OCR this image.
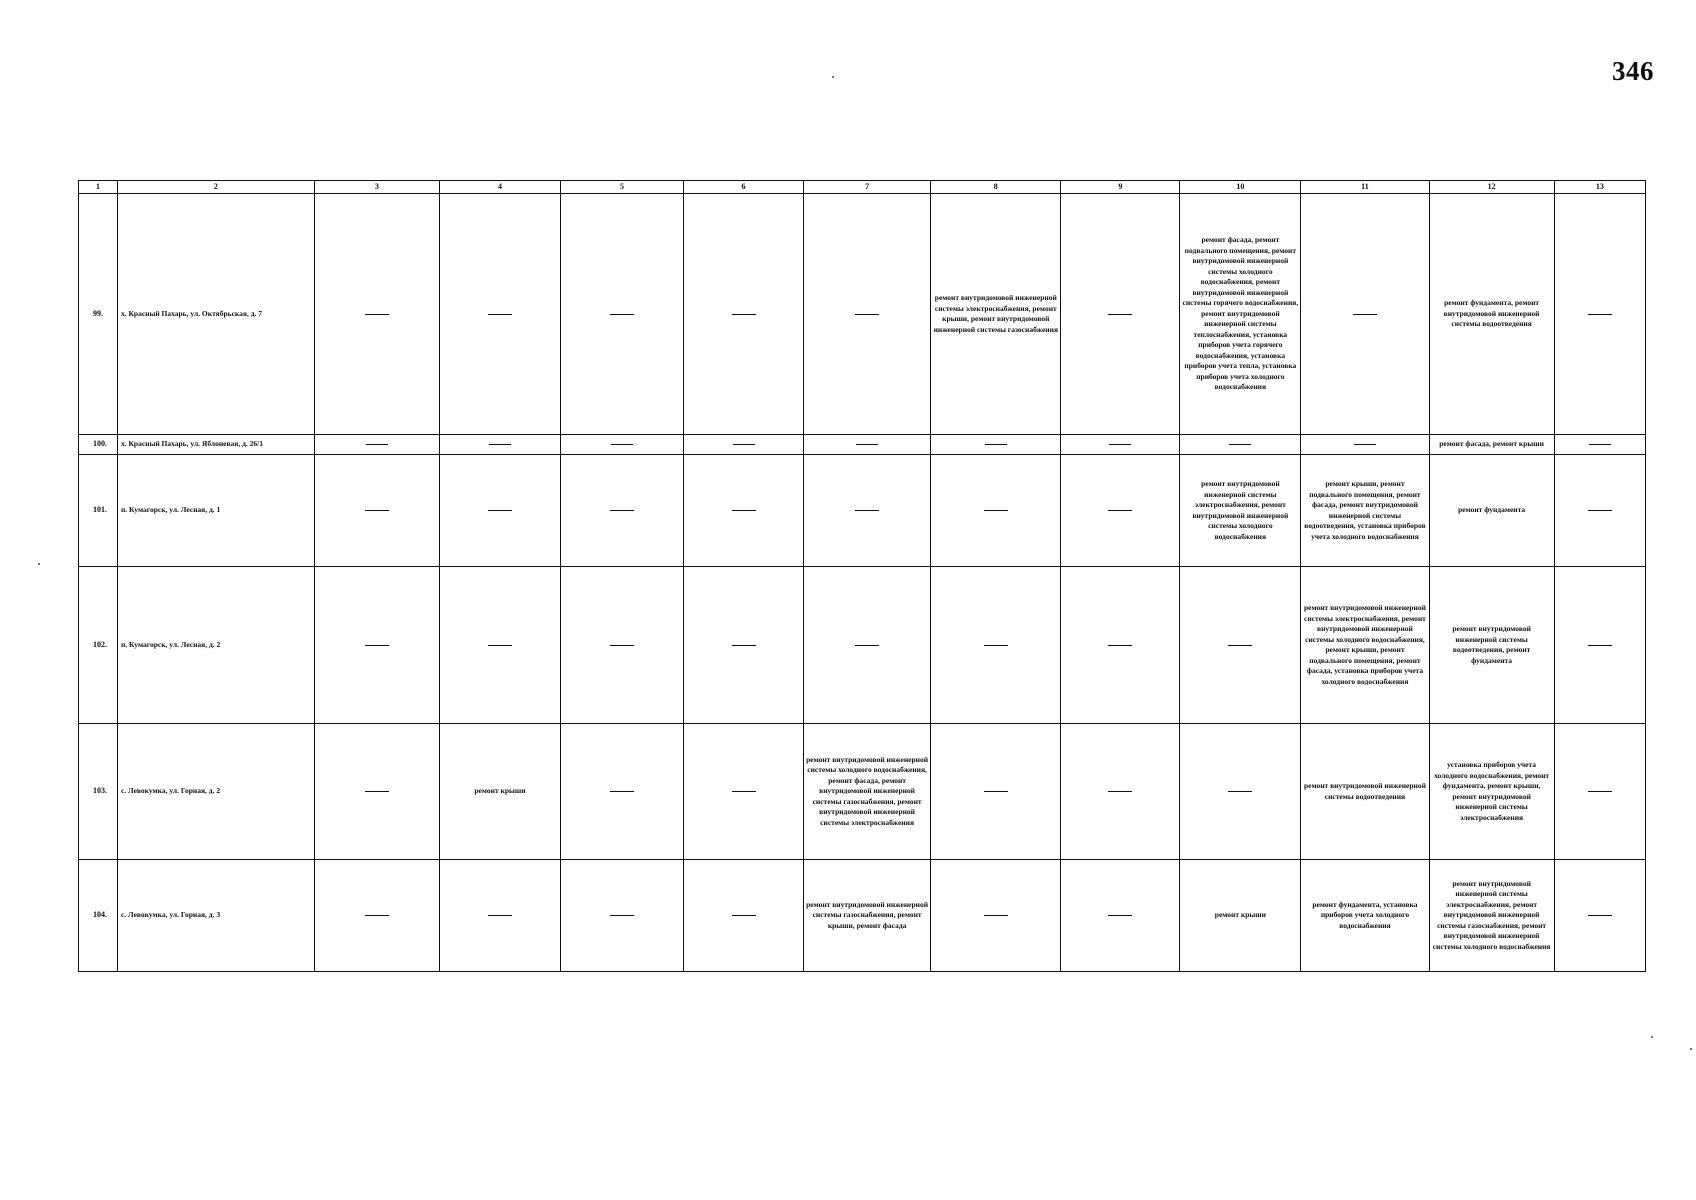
346
1	2	3	4	5	6	7	8	9	10	11	12	13
99.	х. Красный Пахарь, ул. Октябрьская, д. 7						ремонт внутридомовой инженерной системы электроснабжения, ремонт крыши, ремонт внутридомовой инженерной системы газоснабжения		ремонт фасада, ремонт подвального помещения, ремонт внутридомовой инженерной системы холодного водоснабжения, ремонт внутридомовой инженерной системы горячего водоснабжения, ремонт внутридомовой инженерной системы теплоснабжения, установка приборов учета горячего водоснабжения, установка приборов учета тепла, установка приборов учета холодного водоснабжения		ремонт фундамента, ремонт внутридомовой инженерной системы водоотведения	
100.	х. Красный Пахарь, ул. Яблоневая, д. 26/1										ремонт фасада, ремонт крыши	
101.	п. Кумагорск, ул. Лесная, д. 1								ремонт внутридомовой инженерной системы электроснабжения, ремонт внутридомовой инженерной системы холодного водоснабжения	ремонт крыши, ремонт подвального помещения, ремонт фасада, ремонт внутридомовой инженерной системы водоотведения, установка приборов учета холодного водоснабжения	ремонт фундамента	
102.	п. Кумагорск, ул. Лесная, д. 2									ремонт внутридомовой инженерной системы электроснабжения, ремонт внутридомовой инженерной системы холодного водоснабжения, ремонт крыши, ремонт подвального помещения, ремонт фасада, установка приборов учета холодного водоснабжения	ремонт внутридомовой инженерной системы водоотведения, ремонт фундамента	
103.	с. Левокумка, ул. Горная, д. 2		ремонт крыши			ремонт внутридомовой инженерной системы холодного водоснабжения, ремонт фасада, ремонт внутридомовой инженерной системы газоснабжения, ремонт внутридомовой инженерной системы электроснабжения				ремонт внутридомовой инженерной системы водоотведения	установка приборов учета холодного водоснабжения, ремонт фундамента, ремонт крыши, ремонт внутридомовой инженерной системы электроснабжения	
104.	с. Левокумка, ул. Горная, д. 3					ремонт внутридомовой инженерной системы газоснабжения, ремонт крыши, ремонт фасада			ремонт крыши	ремонт фундамента, установка приборов учета холодного водоснабжения	ремонт внутридомовой инженерной системы электроснабжения, ремонт внутридомовой инженерной системы газоснабжения, ремонт внутридомовой инженерной системы холодного водоснабжения	
